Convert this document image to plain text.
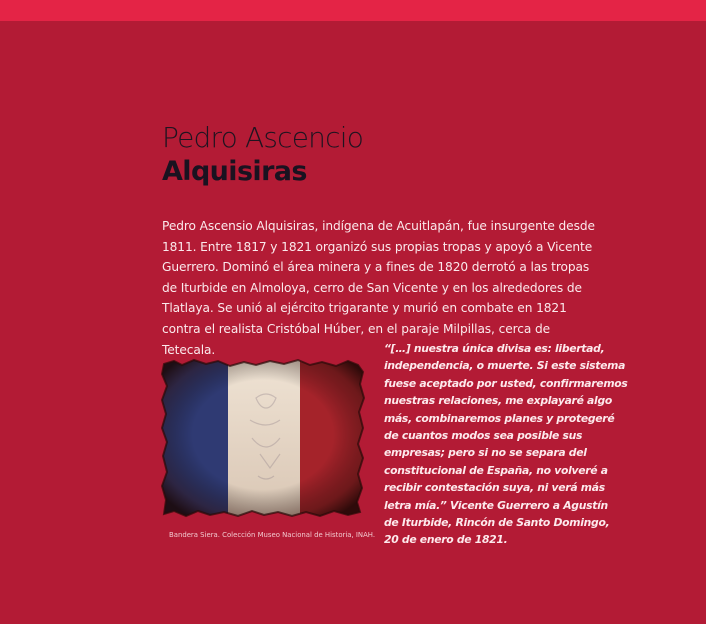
Pedro Ascencio
Alquisiras

Pedro Ascensio Alquisiras, indígena de Acuitlapán, fue insurgente desde 1811. Entre 1817 y 1821 organizó sus propias tropas y apoyó a Vicente Guerrero. Dominó el área minera y a fines de 1820 derrotó a las tropas de Iturbide en Almoloya, cerro de San Vicente y en los alrededores de Tlatlaya. Se unió al ejército trigarante y murió en combate en 1821 contra el realista Cristóbal Húber, en el paraje Milpillas, cerca de Tetecala.

Bandera Siera. Colección Museo Nacional de Historia, INAH.
“[…] nuestra única divisa es: libertad,
independencia, o muerte. Si este sistema
fuese aceptado por usted, confirmaremos
nuestras relaciones, me explayaré algo
más, combinaremos planes y protegeré
de cuantos modos sea posible sus
empresas; pero si no se separa del
constitucional de España, no volveré a
recibir contestación suya, ni verá más
letra mía.” Vicente Guerrero a Agustín
de Iturbide, Rincón de Santo Domingo,
20 de enero de 1821.
